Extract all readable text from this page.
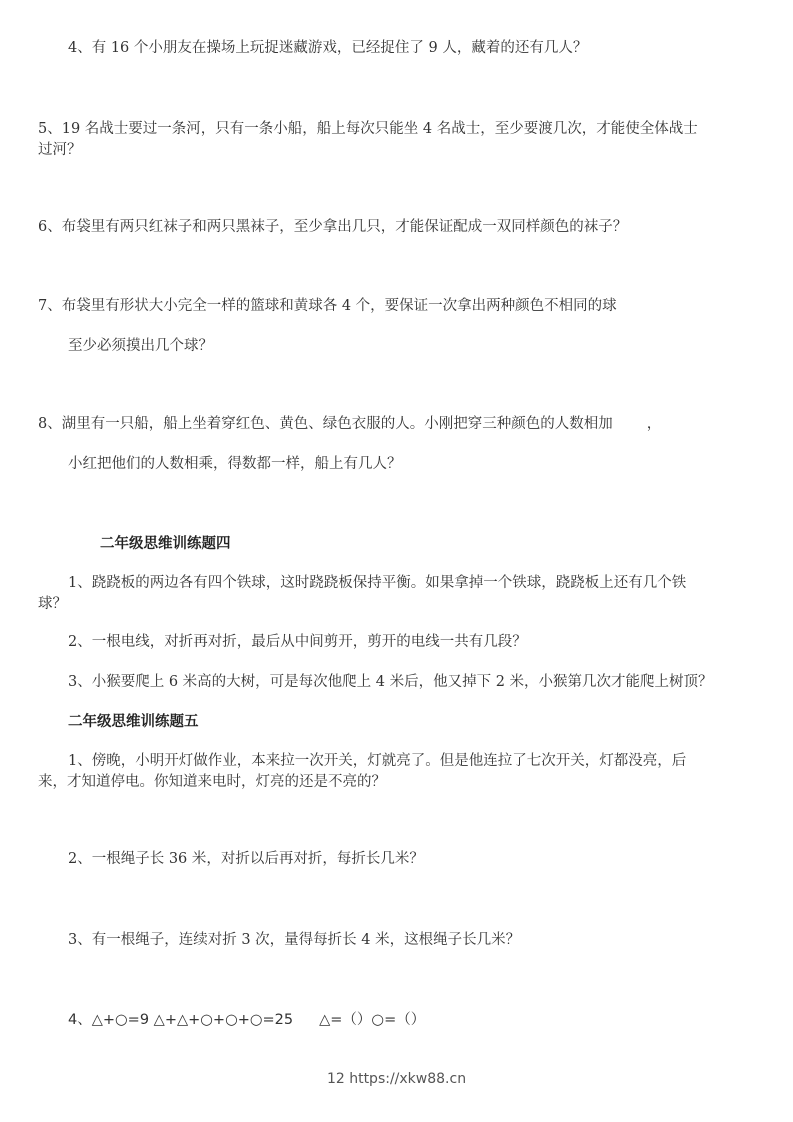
4、有 16 个小朋友在操场上玩捉迷藏游戏，已经捉住了 9 人，藏着的还有几人？
5、19 名战士要过一条河，只有一条小船，船上每次只能坐 4 名战士，至少要渡几次，才能使全体战士
过河？
6、布袋里有两只红袜子和两只黑袜子，至少拿出几只，才能保证配成一双同样颜色的袜子？
7、布袋里有形状大小完全一样的篮球和黄球各 4 个，要保证一次拿出两种颜色不相同的球
至少必须摸出几个球？
8、湖里有一只船，船上坐着穿红色、黄色、绿色衣服的人。小刚把穿三种颜色的人数相加 ，
小红把他们的人数相乘，得数都一样，船上有几人？
二年级思维训练题四
1、跷跷板的两边各有四个铁球，这时跷跷板保持平衡。如果拿掉一个铁球，跷跷板上还有几个铁
球？
2、一根电线，对折再对折，最后从中间剪开，剪开的电线一共有几段？
3、小猴要爬上 6 米高的大树，可是每次他爬上 4 米后，他又掉下 2 米，小猴第几次才能爬上树顶？
二年级思维训练题五
1、傍晚，小明开灯做作业，本来拉一次开关，灯就亮了。但是他连拉了七次开关，灯都没亮，后
来，才知道停电。你知道来电时，灯亮的还是不亮的？
2、一根绳子长 36 米，对折以后再对折，每折长几米？
3、有一根绳子，连续对折 3 次，量得每折长 4 米，这根绳子长几米？
4、△+○=9 △+△+○+○+○=25 △=（）○=（）
12 https://xkw88.cn
